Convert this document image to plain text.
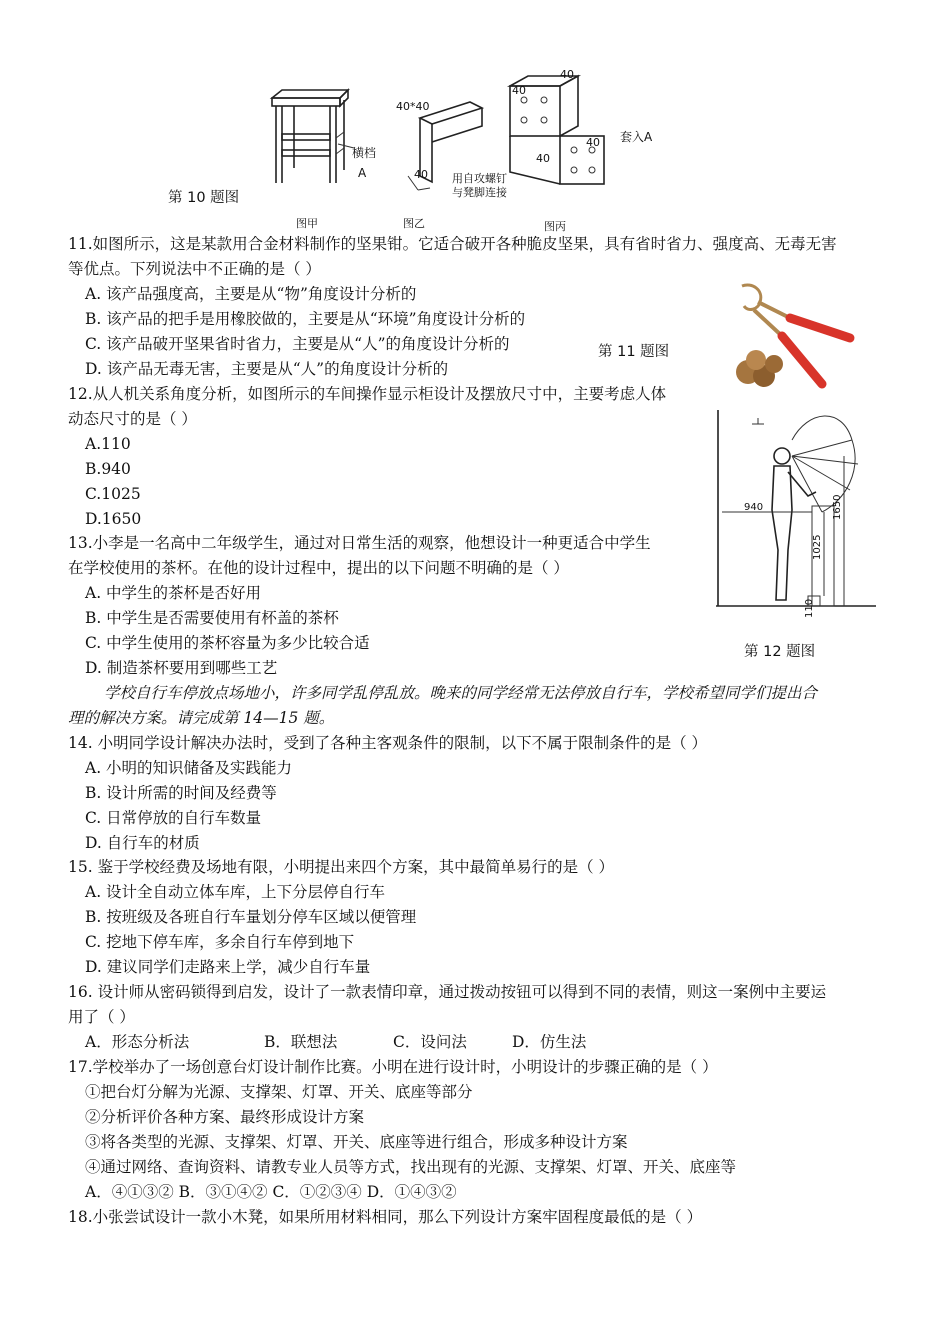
横档
A
第 10 题图
图甲
40*40
40
图乙
40
40
40
40
套入A
用自攻螺钉
与凳脚连接
图丙
11.如图所示，这是某款用合金材料制作的坚果钳。它适合破开各种脆皮坚果，具有省时省力、强度高、无毒无害
等优点。下列说法中不正确的是（ ）
A. 该产品强度高，主要是从“物”角度设计分析的
B. 该产品的把手是用橡胶做的，主要是从“环境”角度设计分析的
C. 该产品破开坚果省时省力，主要是从“人”的角度设计分析的
D. 该产品无毒无害，主要是从“人”的角度设计分析的
第 11 题图
12.从人机关系角度分析，如图所示的车间操作显示柜设计及摆放尺寸中，主要考虑人体
动态尺寸的是（ ）
A.110
B.940
C.1025
D.1650
940	1650
1025
110
第 12 题图
13.小李是一名高中二年级学生，通过对日常生活的观察，他想设计一种更适合中学生
在学校使用的茶杯。在他的设计过程中，提出的以下问题不明确的是（ ）
A. 中学生的茶杯是否好用
B. 中学生是否需要使用有杯盖的茶杯
C. 中学生使用的茶杯容量为多少比较合适
D. 制造茶杯要用到哪些工艺
学校自行车停放点场地小，许多同学乱停乱放。晚来的同学经常无法停放自行车，学校希望同学们提出合
理的解决方案。请完成第 14—15 题。
14. 小明同学设计解决办法时，受到了各种主客观条件的限制，以下不属于限制条件的是（ ）
A. 小明的知识储备及实践能力
B. 设计所需的时间及经费等
C. 日常停放的自行车数量
D. 自行车的材质
15. 鉴于学校经费及场地有限，小明提出来四个方案，其中最简单易行的是（ ）
A. 设计全自动立体车库，上下分层停自行车
B. 按班级及各班自行车量划分停车区域以便管理
C. 挖地下停车库，多余自行车停到地下
D. 建议同学们走路来上学，减少自行车量
16. 设计师从密码锁得到启发，设计了一款表情印章，通过拨动按钮可以得到不同的表情，则这一案例中主要运
用了（ ）
A．形态分析法	B．联想法	C．设问法	D．仿生法
17.学校举办了一场创意台灯设计制作比赛。小明在进行设计时，小明设计的步骤正确的是（ ）
①把台灯分解为光源、支撑架、灯罩、开关、底座等部分
②分析评价各种方案、最终形成设计方案
③将各类型的光源、支撑架、灯罩、开关、底座等进行组合，形成多种设计方案
④通过网络、查询资料、请教专业人员等方式，找出现有的光源、支撑架、灯罩、开关、底座等
A．④①③② B．③①④② C．①②③④ D．①④③②
18.小张尝试设计一款小木凳，如果所用材料相同，那么下列设计方案牢固程度最低的是（ ）
